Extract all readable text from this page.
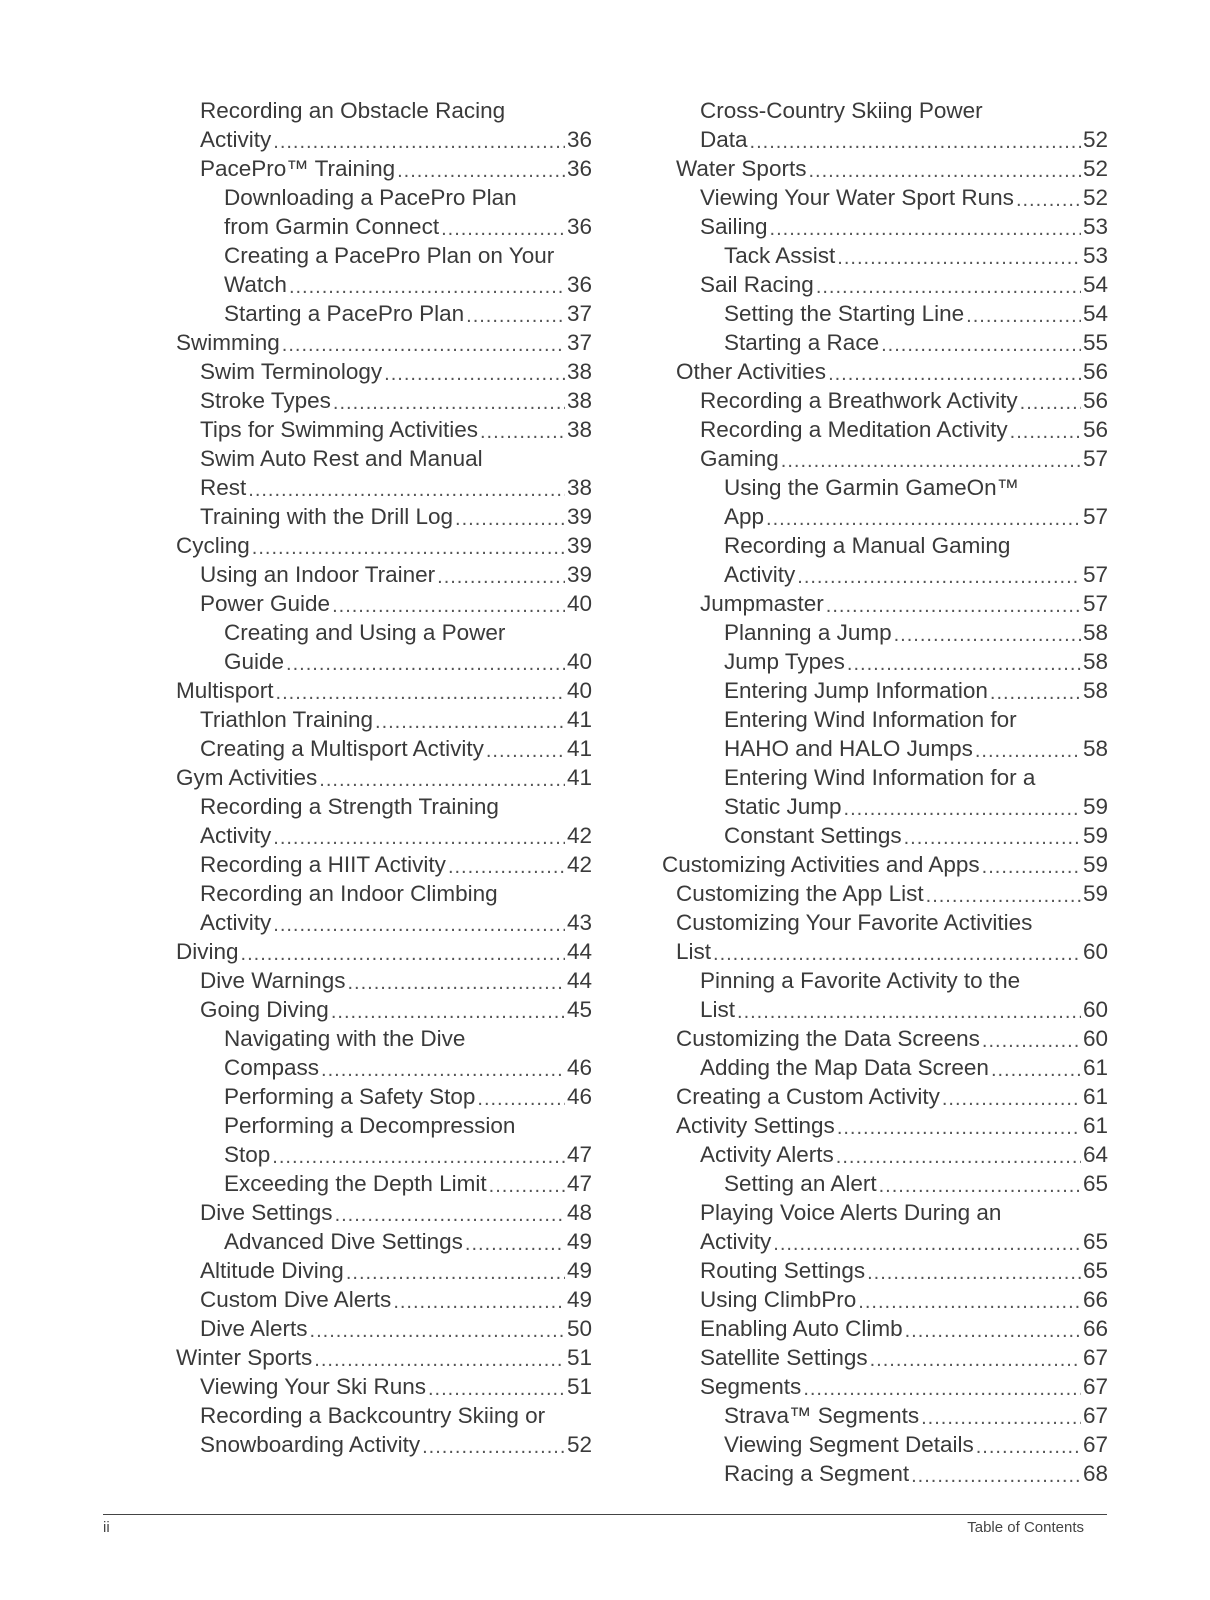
Recording an Obstacle Racing
Activity .....	36
PacePro™ Training .....	36
Downloading a PacePro Plan
from Garmin Connect .....	36
Creating a PacePro Plan on Your
Watch .....	36
Starting a PacePro Plan .....	37
Swimming .....	37
Swim Terminology .....	38
Stroke Types .....	38
Tips for Swimming Activities .....	38
Swim Auto Rest and Manual
Rest .....	38
Training with the Drill Log .....	39
Cycling .....	39
Using an Indoor Trainer .....	39
Power Guide .....	40
Creating and Using a Power
Guide .....	40
Multisport .....	40
Triathlon Training .....	41
Creating a Multisport Activity .....	41
Gym Activities .....	41
Recording a Strength Training
Activity .....	42
Recording a HIIT Activity .....	42
Recording an Indoor Climbing
Activity .....	43
Diving .....	44
Dive Warnings .....	44
Going Diving .....	45
Navigating with the Dive
Compass .....	46
Performing a Safety Stop .....	46
Performing a Decompression
Stop .....	47
Exceeding the Depth Limit .....	47
Dive Settings .....	48
Advanced Dive Settings .....	49
Altitude Diving .....	49
Custom Dive Alerts .....	49
Dive Alerts .....	50
Winter Sports .....	51
Viewing Your Ski Runs .....	51
Recording a Backcountry Skiing or
Snowboarding Activity .....	52
Cross-Country Skiing Power
Data .....	52
Water Sports .....	52
Viewing Your Water Sport Runs .....	52
Sailing .....	53
Tack Assist .....	53
Sail Racing .....	54
Setting the Starting Line .....	54
Starting a Race .....	55
Other Activities .....	56
Recording a Breathwork Activity .....	56
Recording a Meditation Activity .....	56
Gaming .....	57
Using the Garmin GameOn™
App .....	57
Recording a Manual Gaming
Activity .....	57
Jumpmaster .....	57
Planning a Jump .....	58
Jump Types .....	58
Entering Jump Information .....	58
Entering Wind Information for
HAHO and HALO Jumps .....	58
Entering Wind Information for a
Static Jump .....	59
Constant Settings .....	59
Customizing Activities and Apps .....	59
Customizing the App List .....	59
Customizing Your Favorite Activities
List .....	60
Pinning a Favorite Activity to the
List .....	60
Customizing the Data Screens .....	60
Adding the Map Data Screen .....	61
Creating a Custom Activity .....	61
Activity Settings .....	61
Activity Alerts .....	64
Setting an Alert .....	65
Playing Voice Alerts During an
Activity .....	65
Routing Settings .....	65
Using ClimbPro .....	66
Enabling Auto Climb .....	66
Satellite Settings .....	67
Segments .....	67
Strava™ Segments .....	67
Viewing Segment Details .....	67
Racing a Segment .....	68
ii	Table of Contents
